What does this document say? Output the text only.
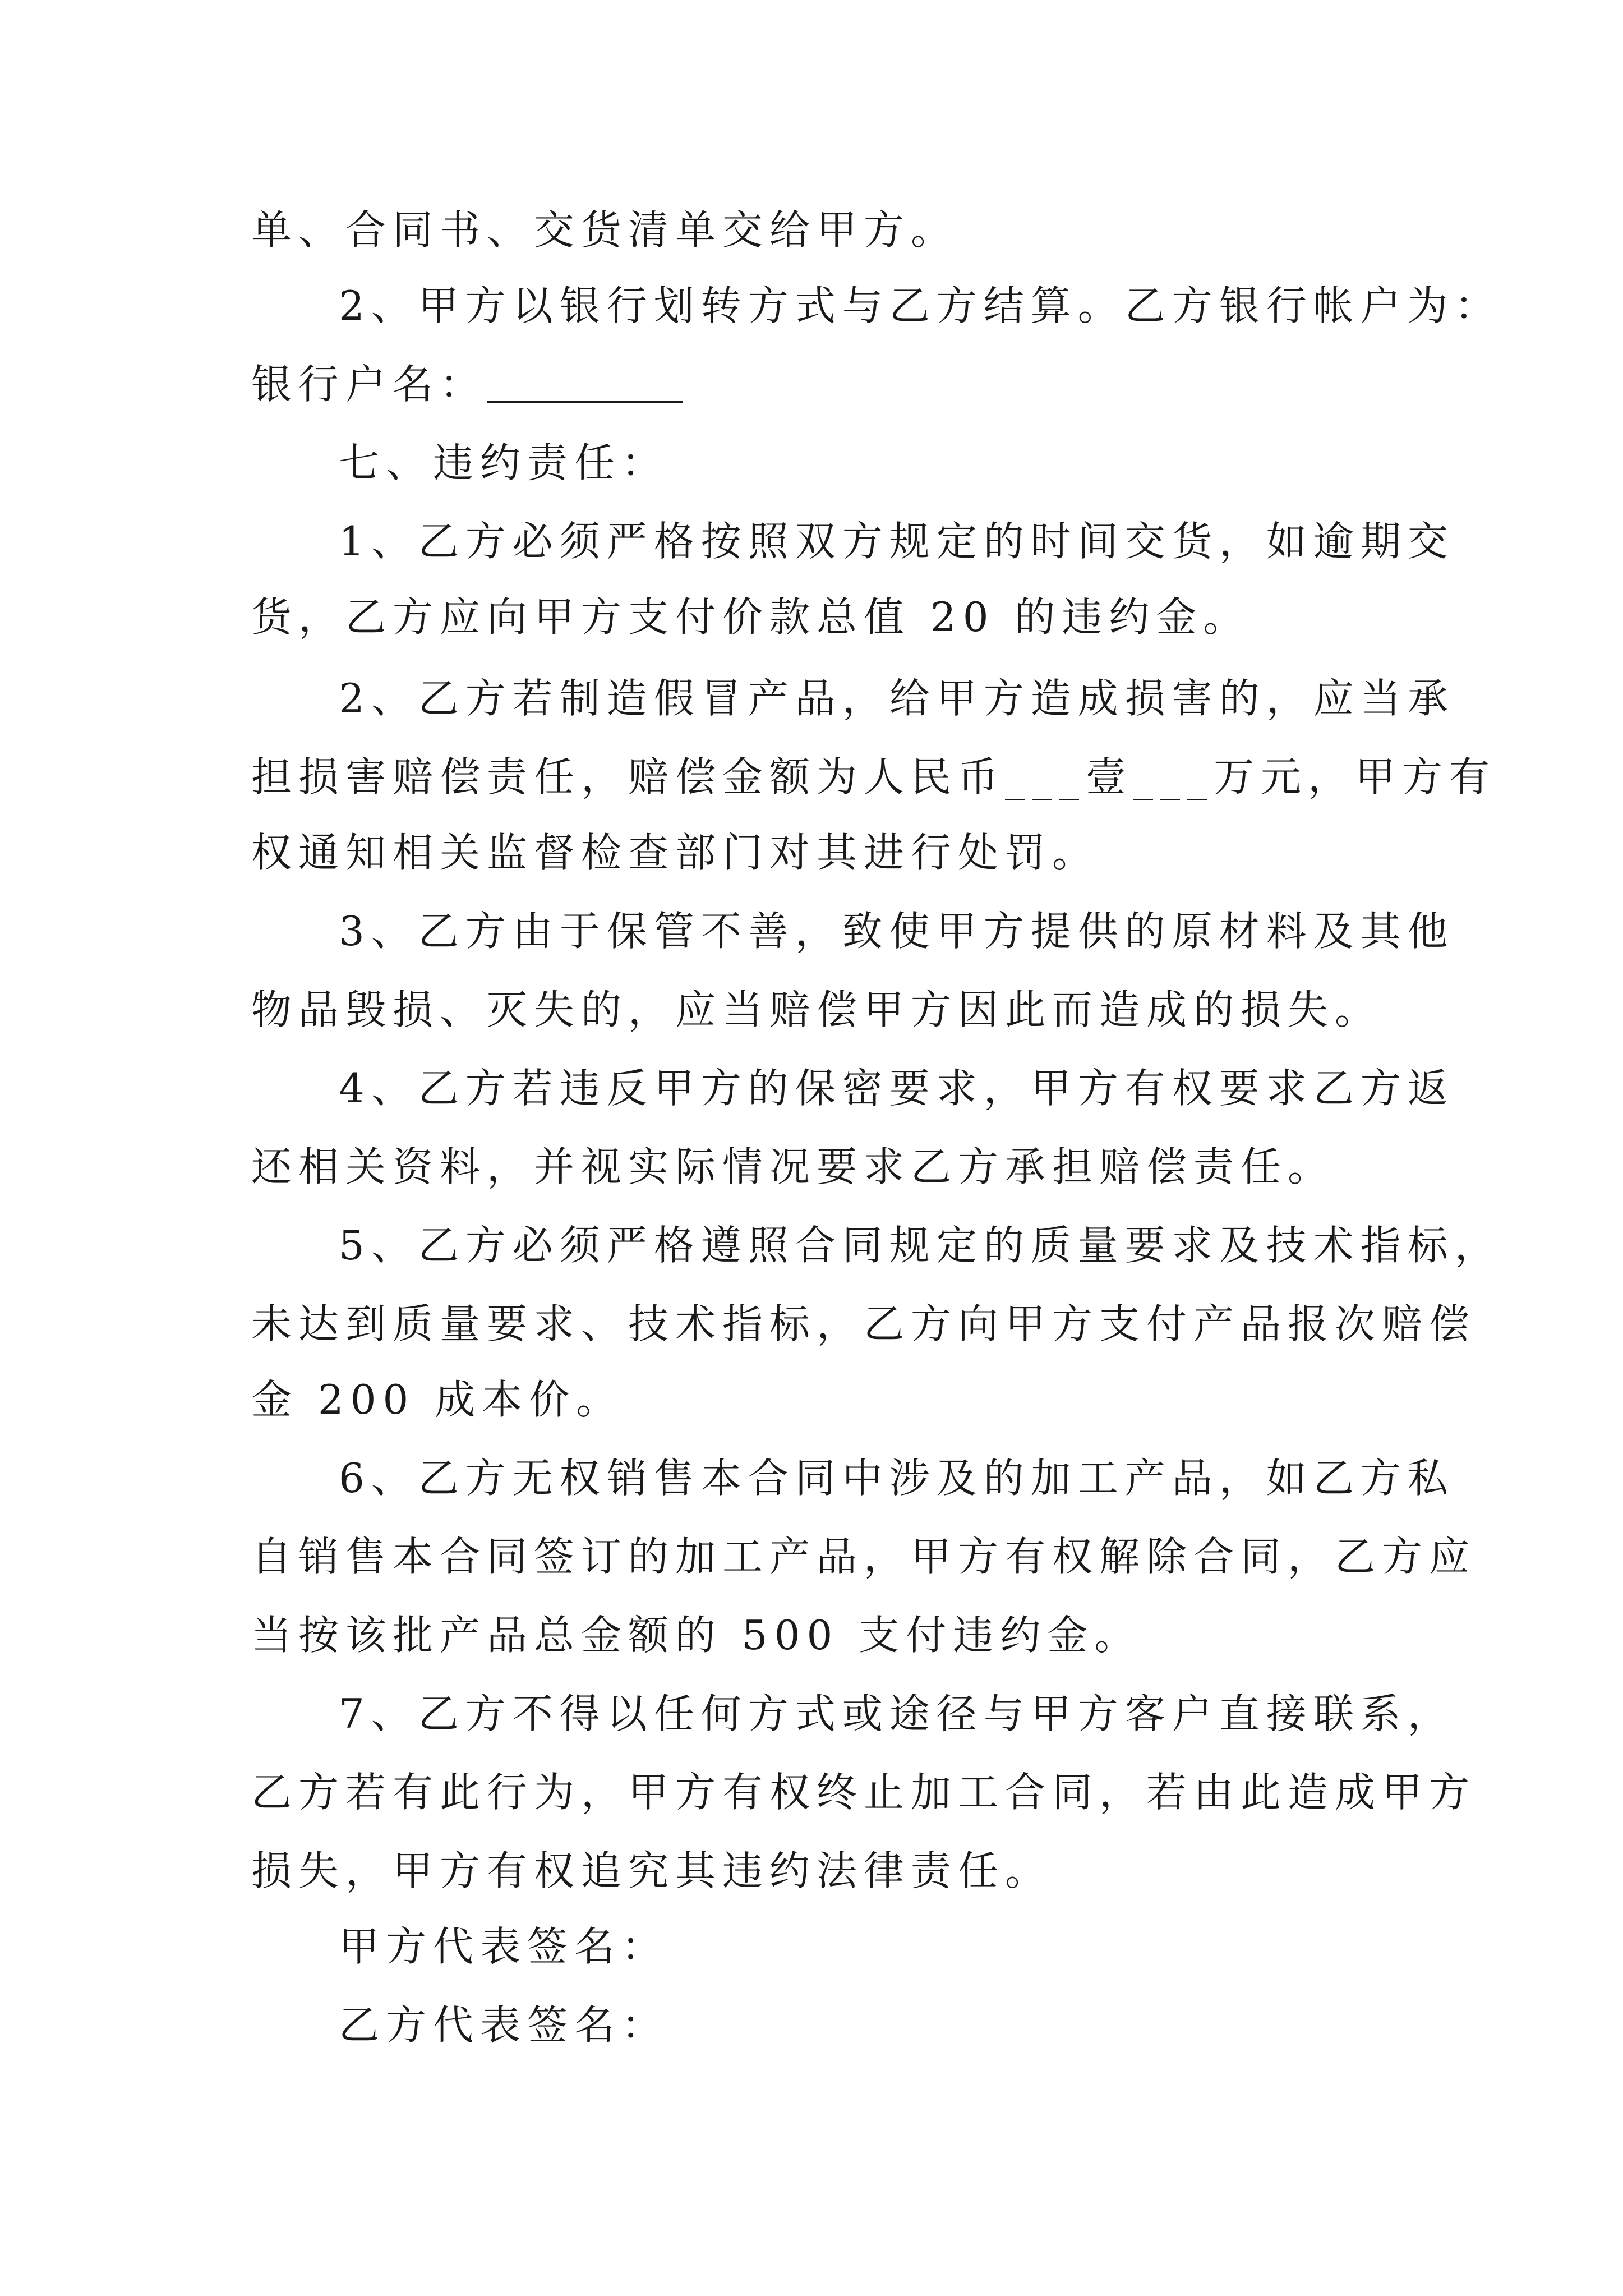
单、合同书、交货清单交给甲方。
2、甲方以银行划转方式与乙方结算。乙方银行帐户为：
银行户名：
七、违约责任：
1、乙方必须严格按照双方规定的时间交货，如逾期交
货，乙方应向甲方支付价款总值 20 的违约金。
2、乙方若制造假冒产品，给甲方造成损害的，应当承
担损害赔偿责任，赔偿金额为人民币___壹___万元，甲方有
权通知相关监督检查部门对其进行处罚。
3、乙方由于保管不善，致使甲方提供的原材料及其他
物品毁损、灭失的，应当赔偿甲方因此而造成的损失。
4、乙方若违反甲方的保密要求，甲方有权要求乙方返
还相关资料，并视实际情况要求乙方承担赔偿责任。
5、乙方必须严格遵照合同规定的质量要求及技术指标，
未达到质量要求、技术指标，乙方向甲方支付产品报次赔偿
金 200 成本价。
6、乙方无权销售本合同中涉及的加工产品，如乙方私
自销售本合同签订的加工产品，甲方有权解除合同，乙方应
当按该批产品总金额的 500 支付违约金。
7、乙方不得以任何方式或途径与甲方客户直接联系，
乙方若有此行为，甲方有权终止加工合同，若由此造成甲方
损失，甲方有权追究其违约法律责任。
甲方代表签名：
乙方代表签名：
